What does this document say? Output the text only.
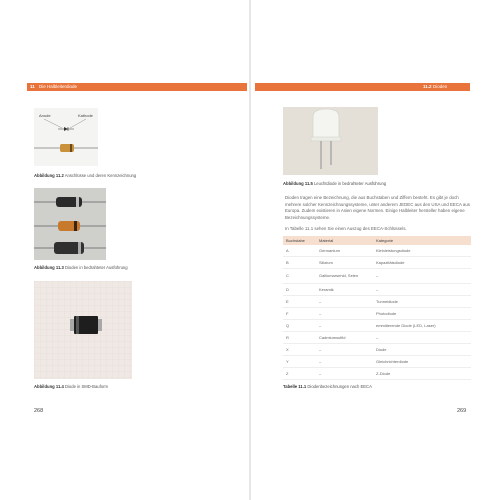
11 Die Halbleiterdiode
Anode	Kathode
Abbildung 11.2 Anschlüsse und deren Kennzeichnung
Abbildung 11.3 Dioden in bedrahteter Ausführung
Abbildung 11.4 Diode in SMD-Bauform
268
11.2 Dioden (Bauelemente)
Abbildung 11.5 Leuchtdiode in bedrahteter Ausführung
Dioden tragen eine Bezeichnung, die aus Buchstaben und Ziffern besteht. Es gibt je doch mehrere solcher Kennzeichnungssysteme, unter anderem JEDEC aus den USA und EECA aus Europa. Zudem existieren in Asien eigene Normen. Einige Halbleiter hersteller haben eigene Bezeichnungssysteme.
In Tabelle 11.1 sehen Sie einen Auszug des EECA-Schlüssels.
Buchstabe	Material	Kategorie
A	Germanium	Kleinleistungsdiode
B	Silizium	Kapazitätsdiode
C	Galliumarsenid, Selen	–
D	Keramik	–
E	–	Tunneldiode
F	–	Photodiode
Q	–	emmitierende Diode (LED, Laser)
R	Cadmiumsulfid	–
X	–	Diode
Y	–	Gleichrichterdiode
Z	–	Z-Diode
Tabelle 11.1 Diodenbezeichnungen nach EECA
269
